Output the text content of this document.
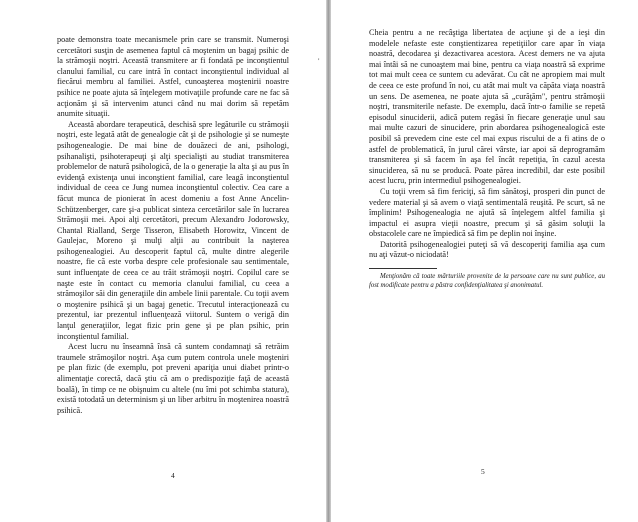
poate demonstra toate mecanismele prin care se transmit. Numeroşi cercetători susţin de asemenea faptul că moştenim un bagaj psihic de la strămoşii noştri. Această transmitere ar fi fondată pe inconştientul clanului familial, cu care intră în contact inconştientul individual al fiecărui membru al familiei. Astfel, cunoaşterea moştenirii noastre psihice ne poate ajuta să înţelegem motivaţiile profunde care ne fac să acţionăm şi să intervenim atunci când nu mai dorim să repetăm anumite situaţii.

Această abordare terapeutică, deschisă spre legăturile cu strămoşii noştri, este legată atât de genealogie cât şi de psihologie şi se numeşte psihogenealogie. De mai bine de douăzeci de ani, psihologi, psihanalişti, psihoterapeuţi şi alţi specialişti au studiat transmiterea problemelor de natură psihologică, de la o generaţie la alta şi au pus în evidenţă existenţa unui inconştient familial, care leagă inconştientul individual de ceea ce Jung numea inconştientul colectiv. Cea care a făcut munca de pionierat în acest domeniu a fost Anne Ancelin-Schützenberger, care şi-a publicat sinteza cercetărilor sale în lucrarea Strămoşii mei. Apoi alţi cercetători, precum Alexandro Jodorowsky, Chantal Rialland, Serge Tisseron, Elisabeth Horowitz, Vincent de Gaulejac, Moreno şi mulţi alţii au contribuit la naşterea psihogenealogiei. Au descoperit faptul că, multe dintre alegerile noastre, fie că este vorba despre cele profesionale sau sentimentale, sunt influenţate de ceea ce au trăit strămoşii noştri. Copilul care se naşte este în contact cu memoria clanului familial, cu ceea a strămoşilor săi din generaţiile din ambele linii parentale. Cu toţii avem o moştenire psihică şi un bagaj genetic. Trecutul interacţionează cu prezentul, iar prezentul influenţează viitorul. Suntem o verigă din lanţul generaţiilor, legat fizic prin gene şi pe plan psihic, prin inconştientul familial.

Acest lucru nu înseamnă însă că suntem condamnaţi să retrăim traumele strămoşilor noştri. Aşa cum putem controla unele moşteniri pe plan fizic (de exemplu, pot preveni apariţia unui diabet printr-o alimentaţie corectă, dacă ştiu că am o predispoziţie faţă de această boală), în timp ce ne obişnuim cu altele (nu îmi pot schimba statura), există totodată un determinism şi un liber arbitru în moştenirea noastră psihică.

4
,

Cheia pentru a ne recâştiga libertatea de acţiune şi de a ieşi din modelele nefaste este conştientizarea repetiţiilor care apar în viaţa noastră, decodarea şi dezactivarea acestora. Acest demers ne va ajuta mai întâi să ne cunoaştem mai bine, pentru ca viaţa noastră să exprime tot mai mult ceea ce suntem cu adevărat. Cu cât ne apropiem mai mult de ceea ce este profund în noi, cu atât mai mult va căpăta viaţa noastră un sens. De asemenea, ne poate ajuta să „curăţăm", pentru strămoşii noştri, transmiterile nefaste. De exemplu, dacă într-o familie se repetă episodul sinuciderii, adică putem regăsi în fiecare generaţie unul sau mai multe cazuri de sinucidere, prin abordarea psihogenealogică este posibil să prevedem cine este cel mai expus riscului de a fi atins de o astfel de problematică, în jurul cărei vârste, iar apoi să deprogramăm transmiterea şi să facem în aşa fel încât repetiţia, în cazul acesta sinuciderea, să nu se producă. Poate părea incredibil, dar este posibil acest lucru, prin intermediul psihogenealogiei.

Cu toţii vrem să fim fericiţi, să fim sănătoşi, prosperi din punct de vedere material şi să avem o viaţă sentimentală reuşită. Pe scurt, să ne împlinim! Psihogenealogia ne ajută să înţelegem altfel familia şi impactul ei asupra vieţii noastre, precum şi să găsim soluţii la obstacolele care ne împiedică să fim pe deplin noi înşine.

Datorită psihogenealogiei puteţi să vă descoperiţi familia aşa cum nu aţi văzut-o niciodată!

Menţionăm că toate mărturiile provenite de la persoane care nu sunt publice, au fost modificate pentru a păstra confidenţialitatea şi anonimatul.

5
